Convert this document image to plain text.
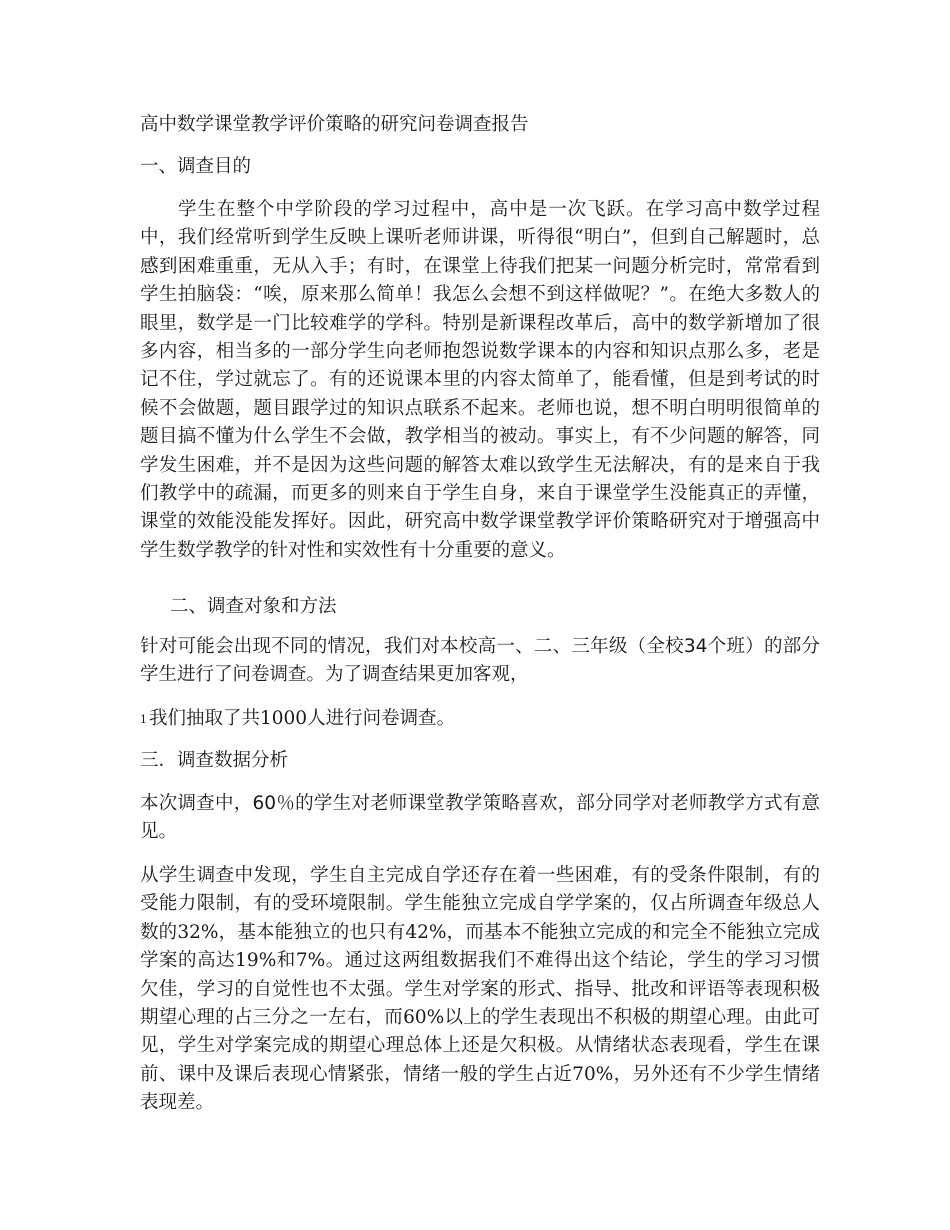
高中数学课堂教学评价策略的研究问卷调查报告

一、调查目的

学生在整个中学阶段的学习过程中，高中是一次飞跃。在学习高中数学过程中，我们经常听到学生反映上课听老师讲课，听得很“明白”，但到自己解题时，总感到困难重重，无从入手；有时，在课堂上待我们把某一问题分析完时，常常看到学生拍脑袋：“唉，原来那么简单！我怎么会想不到这样做呢？”。在绝大多数人的眼里，数学是一门比较难学的学科。特别是新课程改革后，高中的数学新增加了很多内容，相当多的一部分学生向老师抱怨说数学课本的内容和知识点那么多，老是记不住，学过就忘了。有的还说课本里的内容太简单了，能看懂，但是到考试的时候不会做题，题目跟学过的知识点联系不起来。老师也说，想不明白明明很简单的题目搞不懂为什么学生不会做，教学相当的被动。事实上，有不少问题的解答，同学发生困难，并不是因为这些问题的解答太难以致学生无法解决，有的是来自于我们教学中的疏漏，而更多的则来自于学生自身，来自于课堂学生没能真正的弄懂，课堂的效能没能发挥好。因此，研究高中数学课堂教学评价策略研究对于增强高中学生数学教学的针对性和实效性有十分重要的意义。

二、调查对象和方法

针对可能会出现不同的情况，我们对本校高一、二、三年级（全校34个班）的部分学生进行了问卷调查。为了调查结果更加客观，

1 我们抽取了共1000人进行问卷调查。

三．调查数据分析

本次调查中，60％的学生对老师课堂教学策略喜欢，部分同学对老师教学方式有意见。

从学生调查中发现，学生自主完成自学还存在着一些困难，有的受条件限制，有的受能力限制，有的受环境限制。学生能独立完成自学学案的，仅占所调查年级总人数的32%，基本能独立的也只有42%，而基本不能独立完成的和完全不能独立完成学案的高达19%和7%。通过这两组数据我们不难得出这个结论，学生的学习习惯欠佳，学习的自觉性也不太强。学生对学案的形式、指导、批改和评语等表现积极期望心理的占三分之一左右，而60%以上的学生表现出不积极的期望心理。由此可见，学生对学案完成的期望心理总体上还是欠积极。从情绪状态表现看，学生在课前、课中及课后表现心情紧张，情绪一般的学生占近70%，另外还有不少学生情绪表现差。
